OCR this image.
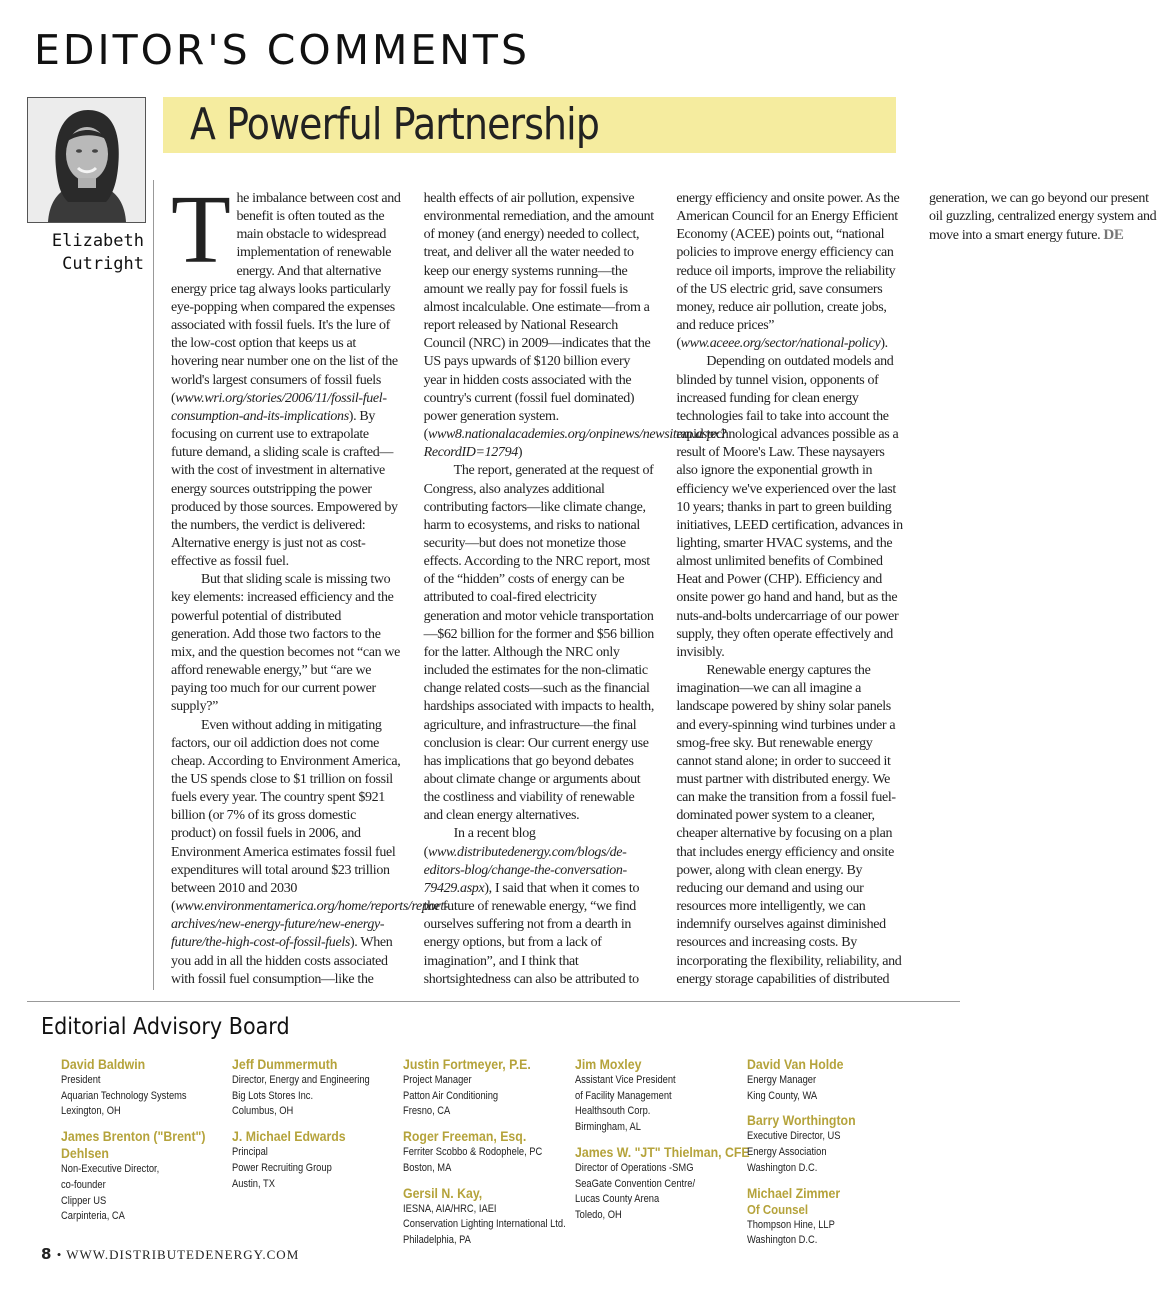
EDITOR'S COMMENTS
Elizabeth
Cutright
A Powerful Partnership

The imbalance between cost and benefit is often touted as the main obstacle to widespread implementation of renewable energy. And that alternative energy price tag always looks particularly eye-popping when compared the expenses associated with fossil fuels. It's the lure of the low-cost option that keeps us at hovering near number one on the list of the world's largest consumers of fossil fuels (www.wri.org/stories/2006/11/fossil-fuel-consumption-and-its-implications). By focusing on current use to extrapolate future demand, a sliding scale is crafted—with the cost of investment in alternative energy sources outstripping the power produced by those sources. Empowered by the numbers, the verdict is delivered: Alternative energy is just not as cost-effective as fossil fuel.

But that sliding scale is missing two key elements: increased efficiency and the powerful potential of distributed generation. Add those two factors to the mix, and the question becomes not “can we afford renewable energy,” but “are we paying too much for our current power supply?”

Even without adding in mitigating factors, our oil addiction does not come cheap. According to Environment America, the US spends close to $1 trillion on fossil fuels every year. The country spent $921 billion (or 7% of its gross domestic product) on fossil fuels in 2006, and Environment America estimates fossil fuel expenditures will total around $23 trillion between 2010 and 2030 (www.environmentamerica.org/home/reports/report-archives/new-energy-future/new-energy-future/the-high-cost-of-fossil-fuels). When you add in all the hidden costs associated with fossil fuel consumption—like the health effects of air pollution, expensive environmental remediation, and the amount of money (and energy) needed to collect, treat, and deliver all the water needed to keep our energy systems running—the amount we really pay for fossil fuels is almost incalculable. One estimate—from a report released by National Research Council (NRC) in 2009—indicates that the US pays upwards of $120 billion every year in hidden costs associated with the country's current (fossil fuel dominated) power generation system. (www8.nationalacademies.org/onpinews/newsitem.aspx?RecordID=12794)

The report, generated at the request of Congress, also analyzes additional contributing factors—like climate change, harm to ecosystems, and risks to national security—but does not monetize those effects. According to the NRC report, most of the “hidden” costs of energy can be attributed to coal-fired electricity generation and motor vehicle transportation—$62 billion for the former and $56 billion for the latter. Although the NRC only included the estimates for the non-climatic change related costs—such as the financial hardships associated with impacts to health, agriculture, and infrastructure—the final conclusion is clear: Our current energy use has implications that go beyond debates about climate change or arguments about the costliness and viability of renewable and clean energy alternatives.

In a recent blog (www.distributedenergy.com/blogs/de-editors-blog/change-the-conversation-79429.aspx), I said that when it comes to the future of renewable energy, “we find ourselves suffering not from a dearth in energy options, but from a lack of imagination”, and I think that shortsightedness can also be attributed to energy efficiency and onsite power. As the American Council for an Energy Efficient Economy (ACEE) points out, “national policies to improve energy efficiency can reduce oil imports, improve the reliability of the US electric grid, save consumers money, reduce air pollution, create jobs, and reduce prices” (www.aceee.org/sector/national-policy).

Depending on outdated models and blinded by tunnel vision, opponents of increased funding for clean energy technologies fail to take into account the rapid technological advances possible as a result of Moore's Law. These naysayers also ignore the exponential growth in efficiency we've experienced over the last 10 years; thanks in part to green building initiatives, LEED certification, advances in lighting, smarter HVAC systems, and the almost unlimited benefits of Combined Heat and Power (CHP). Efficiency and onsite power go hand and hand, but as the nuts-and-bolts undercarriage of our power supply, they often operate effectively and invisibly.

Renewable energy captures the imagination—we can all imagine a landscape powered by shiny solar panels and every-spinning wind turbines under a smog-free sky. But renewable energy cannot stand alone; in order to succeed it must partner with distributed energy. We can make the transition from a fossil fuel-dominated power system to a cleaner, cheaper alternative by focusing on a plan that includes energy efficiency and onsite power, along with clean energy. By reducing our demand and using our resources more intelligently, we can indemnify ourselves against diminished resources and increasing costs. By incorporating the flexibility, reliability, and energy storage capabilities of distributed generation, we can go beyond our present oil guzzling, centralized energy system and move into a smart energy future. DE

Editorial Advisory Board
David Baldwin
President
Aquarian Technology Systems
Lexington, OH
James Brenton ("Brent") Dehlsen
Non-Executive Director,
co-founder
Clipper US
Carpinteria, CA
Jeff Dummermuth
Director, Energy and Engineering
Big Lots Stores Inc.
Columbus, OH
J. Michael Edwards
Principal
Power Recruiting Group
Austin, TX
Justin Fortmeyer, P.E.
Project Manager
Patton Air Conditioning
Fresno, CA
Roger Freeman, Esq.
Ferriter Scobbo & Rodophele, PC
Boston, MA
Gersil N. Kay,
IESNA, AIA/HRC, IAEI
Conservation Lighting International Ltd.
Philadelphia, PA
Jim Moxley
Assistant Vice President
of Facility Management
Healthsouth Corp.
Birmingham, AL
James W. "JT" Thielman, CFE
Director of Operations -SMG
SeaGate Convention Centre/
Lucas County Arena
Toledo, OH
David Van Holde
Energy Manager
King County, WA
Barry Worthington
Executive Director, US
Energy Association
Washington D.C.
Michael Zimmer
Of Counsel
Thompson Hine, LLP
Washington D.C.
8 • WWW.DISTRIBUTEDENERGY.COM
